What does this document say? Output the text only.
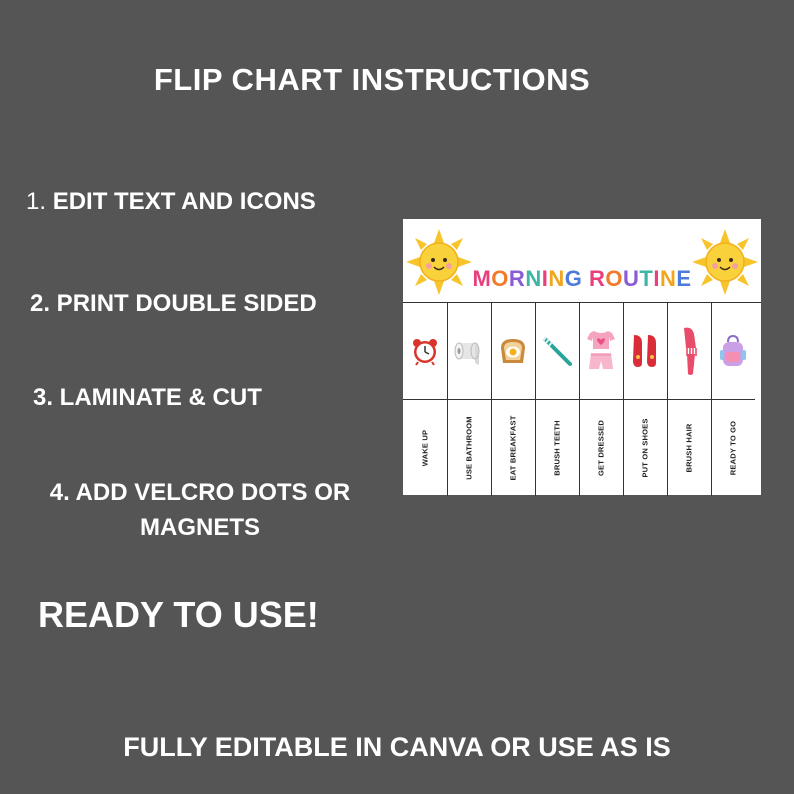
FLIP CHART INSTRUCTIONS
1. EDIT TEXT AND ICONS
2. PRINT DOUBLE SIDED
3. LAMINATE & CUT
4. ADD VELCRO DOTS OR MAGNETS
READY TO USE!
FULLY EDITABLE IN CANVA OR USE AS IS
MORNING ROUTINE
WAKE UP	USE BATHROOM	EAT BREAKFAST	BRUSH TEETH	GET DRESSED	PUT ON SHOES	BRUSH HAIR	READY TO GO
